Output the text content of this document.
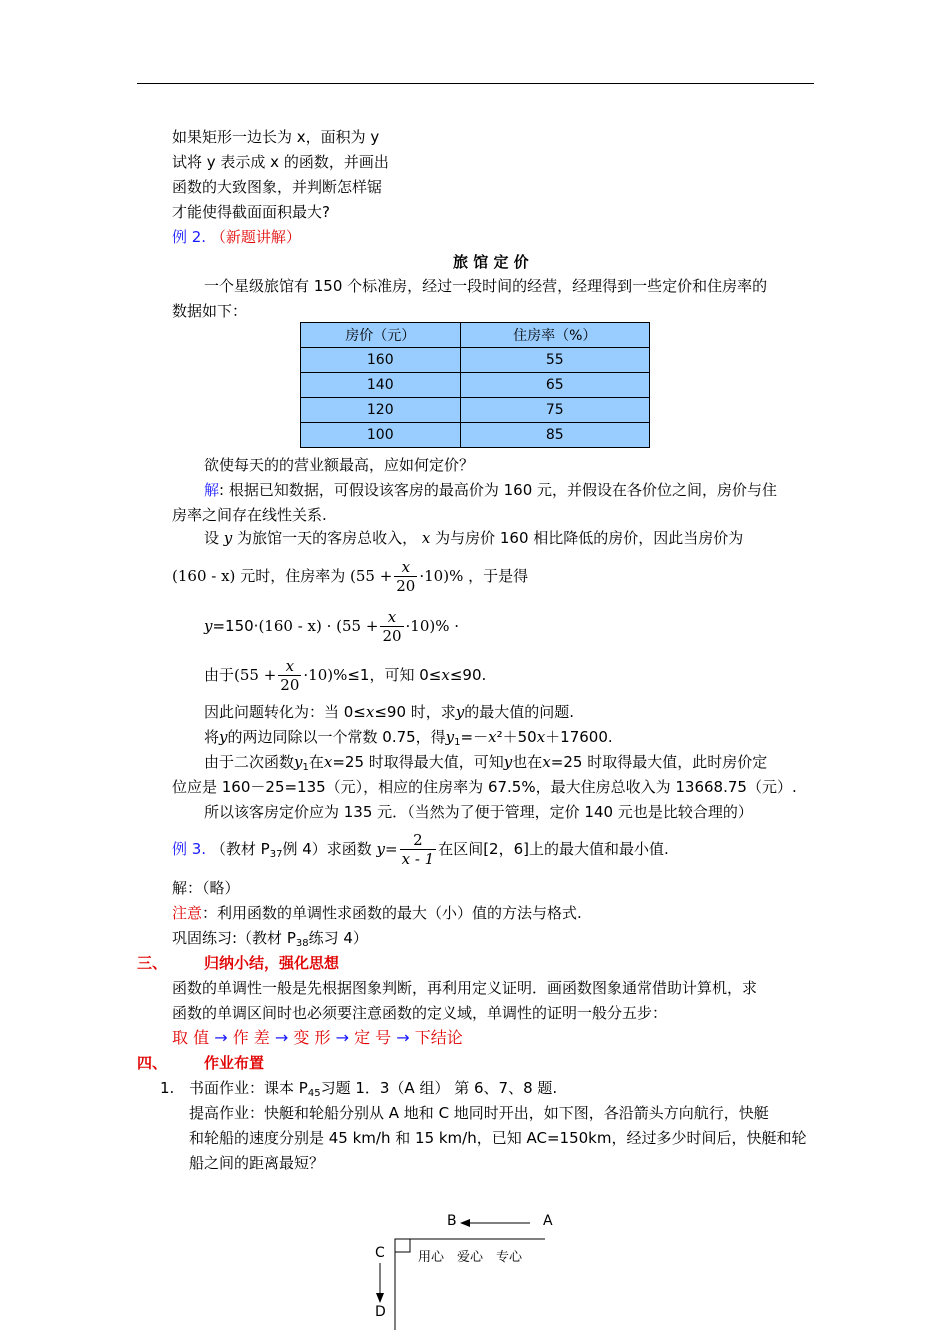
如果矩形一边长为 x，面积为 y
试将 y 表示成 x 的函数，并画出
函数的大致图象，并判断怎样锯
才能使得截面面积最大?
例 2. （新题讲解）
旅 馆 定 价
一个星级旅馆有 150 个标准房，经过一段时间的经营，经理得到一些定价和住房率的
数据如下：
房价（元）	住房率（%）
160	55
140	65
120	75
100	85
欲使每天的的营业额最高，应如何定价？
解: 根据已知数据，可假设该客房的最高价为 160 元，并假设在各价位之间，房价与住
房率之间存在线性关系.
设 y 为旅馆一天的客房总收入， x 为与房价 160 相比降低的房价，因此当房价为
(160 - x) 元时，住房率为 $(55 + \frac{x}{20} \cdot 10)\%$ ，于是得
$y=150\cdot(160 - x) \cdot (55 + \frac{x}{20} \cdot 10)\%$ ·
由于$(55 + \frac{x}{20} \cdot 10)\%\le 1$，可知 0≤x≤90.
因此问题转化为：当 0≤x≤90 时，求y的最大值的问题.
将y的两边同除以一个常数 0.75，得$y_1=-x^2+50x+17600$.
由于二次函数$y_1$在x=25 时取得最大值，可知y也在x=25 时取得最大值，此时房价定
位应是 160－25=135（元），相应的住房率为 67.5%，最大住房总收入为 13668.75（元）.
所以该客房定价应为 135 元．（当然为了便于管理，定价 140 元也是比较合理的）
例 3. （教材 $P_{37}$例 4）求函数 $y= \frac{2}{x - 1}$ 在区间[2，6]上的最大值和最小值.
解：（略）
注意：利用函数的单调性求函数的最大（小）值的方法与格式.
巩固练习:（教材 $P_{38}$练习 4）
三、 归纳小结，强化思想
函数的单调性一般是先根据图象判断，再利用定义证明．画函数图象通常借助计算机，求
函数的单调区间时也必须要注意函数的定义域，单调性的证明一般分五步：
取 值 → 作 差 → 变 形 → 定 号 → 下结论
四、 作业布置
1. 书面作业：课本 $P_{45}$习题 1．3（A 组） 第 6、7、8 题.
提高作业：快艇和轮船分别从 A 地和 C 地同时开出，如下图，各沿箭头方向航行，快艇
和轮船的速度分别是 45 km/h 和 15 km/h，已知 AC=150km，经过多少时间后，快艇和轮
船之间的距离最短？
A
B
C
D
用心　爱心　专心
